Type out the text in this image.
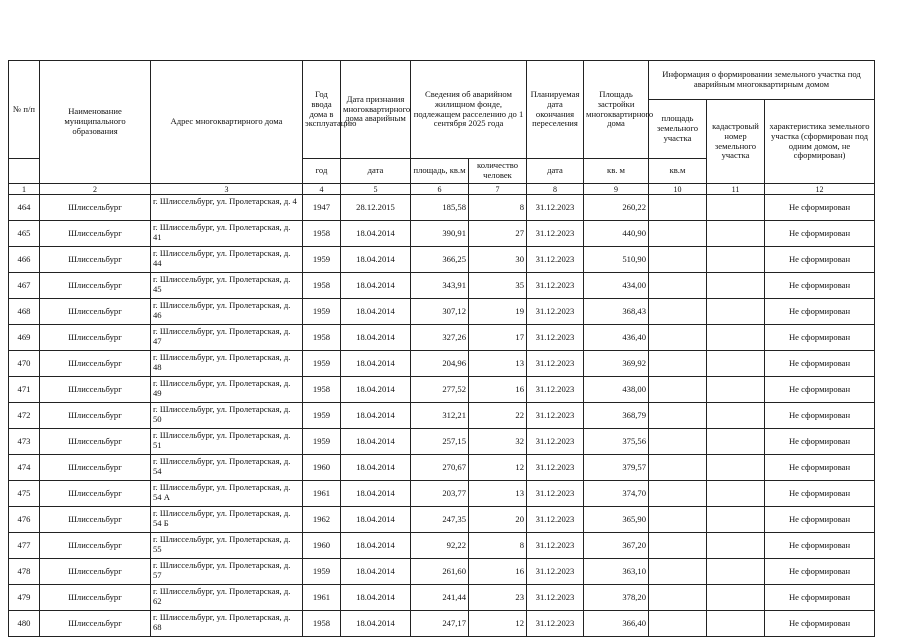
№ п/п	Наименование муниципального образования	Адрес многоквартирного дома	Год ввода дома в эксплуатацию	Дата признания многоквартирного дома аварийным	Сведения об аварийном жилищном фонде, подлежащем расселению до 1 сентября 2025 года		Планируемая дата окончания переселения	Площадь застройки многоквартирного дома	Информация о формировании земельного участка под аварийным многоквартирным домом		
									площадь земельного участка	кадастровый номер земельного участка	характеристика земельного участка (сформирован под одним домом, не сформирован)
			год	дата	площадь, кв.м	количество человек	дата	кв. м	кв.м		
1	2	3	4	5	6	7	8	9	10	11	12
464	Шлиссельбург	г. Шлиссельбург, ул. Пролетарская, д. 4	1947	28.12.2015	185,58	8	31.12.2023	260,22			Не сформирован
465	Шлиссельбург	г. Шлиссельбург, ул. Пролетарская, д. 41	1958	18.04.2014	390,91	27	31.12.2023	440,90			Не сформирован
466	Шлиссельбург	г. Шлиссельбург, ул. Пролетарская, д. 44	1959	18.04.2014	366,25	30	31.12.2023	510,90			Не сформирован
467	Шлиссельбург	г. Шлиссельбург, ул. Пролетарская, д. 45	1958	18.04.2014	343,91	35	31.12.2023	434,00			Не сформирован
468	Шлиссельбург	г. Шлиссельбург, ул. Пролетарская, д. 46	1959	18.04.2014	307,12	19	31.12.2023	368,43			Не сформирован
469	Шлиссельбург	г. Шлиссельбург, ул. Пролетарская, д. 47	1958	18.04.2014	327,26	17	31.12.2023	436,40			Не сформирован
470	Шлиссельбург	г. Шлиссельбург, ул. Пролетарская, д. 48	1959	18.04.2014	204,96	13	31.12.2023	369,92			Не сформирован
471	Шлиссельбург	г. Шлиссельбург, ул. Пролетарская, д. 49	1958	18.04.2014	277,52	16	31.12.2023	438,00			Не сформирован
472	Шлиссельбург	г. Шлиссельбург, ул. Пролетарская, д. 50	1959	18.04.2014	312,21	22	31.12.2023	368,79			Не сформирован
473	Шлиссельбург	г. Шлиссельбург, ул. Пролетарская, д. 51	1959	18.04.2014	257,15	32	31.12.2023	375,56			Не сформирован
474	Шлиссельбург	г. Шлиссельбург, ул. Пролетарская, д. 54	1960	18.04.2014	270,67	12	31.12.2023	379,57			Не сформирован
475	Шлиссельбург	г. Шлиссельбург, ул. Пролетарская, д. 54 А	1961	18.04.2014	203,77	13	31.12.2023	374,70			Не сформирован
476	Шлиссельбург	г. Шлиссельбург, ул. Пролетарская, д. 54 Б	1962	18.04.2014	247,35	20	31.12.2023	365,90			Не сформирован
477	Шлиссельбург	г. Шлиссельбург, ул. Пролетарская, д. 55	1960	18.04.2014	92,22	8	31.12.2023	367,20			Не сформирован
478	Шлиссельбург	г. Шлиссельбург, ул. Пролетарская, д. 57	1959	18.04.2014	261,60	16	31.12.2023	363,10			Не сформирован
479	Шлиссельбург	г. Шлиссельбург, ул. Пролетарская, д. 62	1961	18.04.2014	241,44	23	31.12.2023	378,20			Не сформирован
480	Шлиссельбург	г. Шлиссельбург, ул. Пролетарская, д. 68	1958	18.04.2014	247,17	12	31.12.2023	366,40			Не сформирован
